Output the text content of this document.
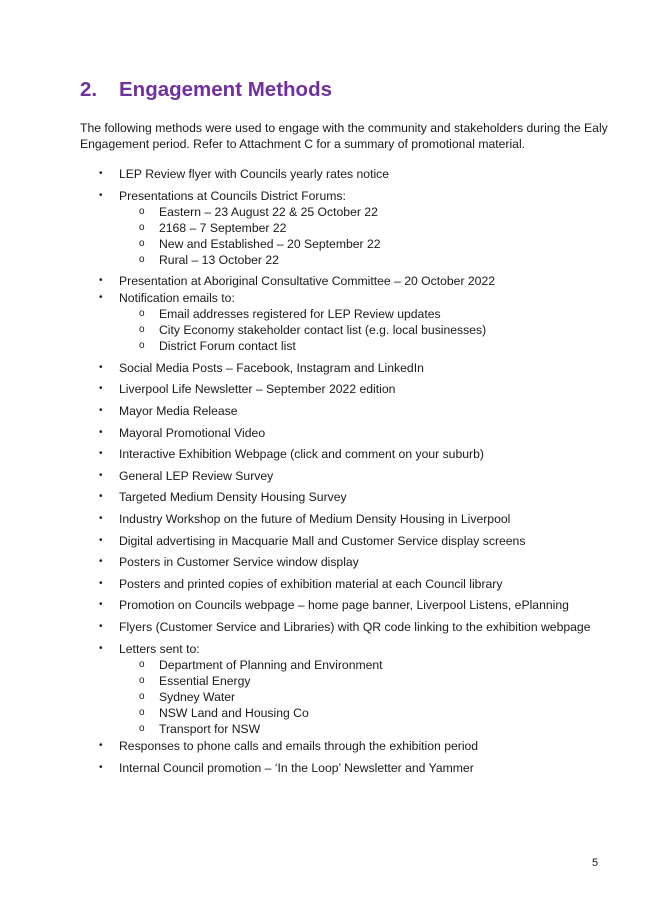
2. Engagement Methods

The following methods were used to engage with the community and stakeholders during the Ealy Engagement period. Refer to Attachment C for a summary of promotional material.

• LEP Review flyer with Councils yearly rates notice
• Presentations at Councils District Forums:
o Eastern – 23 August 22 & 25 October 22
o 2168 – 7 September 22
o New and Established – 20 September 22
o Rural – 13 October 22
• Presentation at Aboriginal Consultative Committee – 20 October 2022
• Notification emails to:
o Email addresses registered for LEP Review updates
o City Economy stakeholder contact list (e.g. local businesses)
o District Forum contact list
• Social Media Posts – Facebook, Instagram and LinkedIn
• Liverpool Life Newsletter – September 2022 edition
• Mayor Media Release
• Mayoral Promotional Video
• Interactive Exhibition Webpage (click and comment on your suburb)
• General LEP Review Survey
• Targeted Medium Density Housing Survey
• Industry Workshop on the future of Medium Density Housing in Liverpool
• Digital advertising in Macquarie Mall and Customer Service display screens
• Posters in Customer Service window display
• Posters and printed copies of exhibition material at each Council library
• Promotion on Councils webpage – home page banner, Liverpool Listens, ePlanning
• Flyers (Customer Service and Libraries) with QR code linking to the exhibition webpage
• Letters sent to:
o Department of Planning and Environment
o Essential Energy
o Sydney Water
o NSW Land and Housing Co
o Transport for NSW
• Responses to phone calls and emails through the exhibition period
• Internal Council promotion – ‘In the Loop’ Newsletter and Yammer
5
